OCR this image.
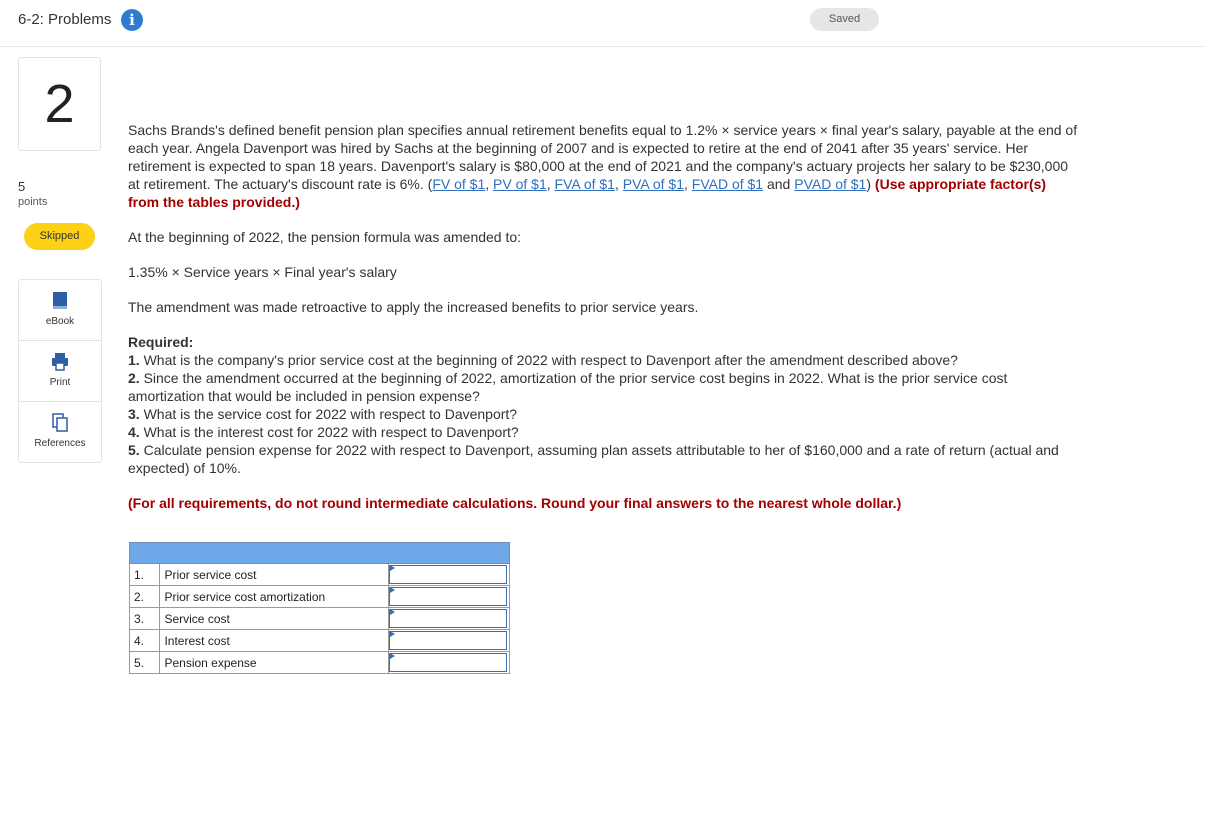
6-2: Problems	i	Saved
2
5
points
Skipped
eBook
Print
References

Sachs Brands's defined benefit pension plan specifies annual retirement benefits equal to 1.2% × service years × final year's salary, payable at the end of each year. Angela Davenport was hired by Sachs at the beginning of 2007 and is expected to retire at the end of 2041 after 35 years' service. Her retirement is expected to span 18 years. Davenport's salary is $80,000 at the end of 2021 and the company's actuary projects her salary to be $230,000 at retirement. The actuary's discount rate is 6%. (FV of $1, PV of $1, FVA of $1, PVA of $1, FVAD of $1 and PVAD of $1) (Use appropriate factor(s) from the tables provided.)

At the beginning of 2022, the pension formula was amended to:

1.35% × Service years × Final year's salary

The amendment was made retroactive to apply the increased benefits to prior service years.

Required:
1. What is the company's prior service cost at the beginning of 2022 with respect to Davenport after the amendment described above?
2. Since the amendment occurred at the beginning of 2022, amortization of the prior service cost begins in 2022. What is the prior service cost amortization that would be included in pension expense?
3. What is the service cost for 2022 with respect to Davenport?
4. What is the interest cost for 2022 with respect to Davenport?
5. Calculate pension expense for 2022 with respect to Davenport, assuming plan assets attributable to her of $160,000 and a rate of return (actual and expected) of 10%.

(For all requirements, do not round intermediate calculations. Round your final answers to the nearest whole dollar.)

1.	Prior service cost	

2.	Prior service cost amortization	

3.	Service cost	

4.	Interest cost	

5.	Pension expense	
